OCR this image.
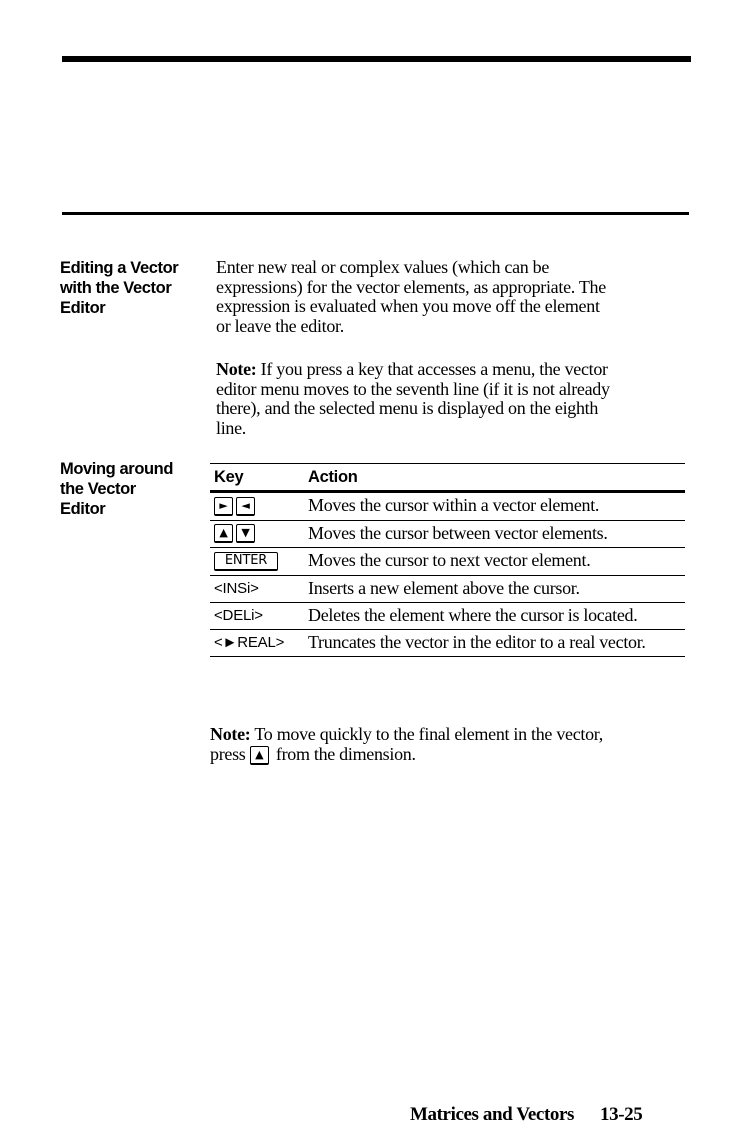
Editing a Vector
with the Vector
Editor
Enter new real or complex values (which can be
expressions) for the vector elements, as appropriate. The
expression is evaluated when you move off the element
or leave the editor.
Note: If you press a key that accesses a menu, the vector
editor menu moves to the seventh line (if it is not already
there), and the selected menu is displayed on the eighth
line.
Moving around
the Vector
Editor
Key	Action
► ◄	Moves the cursor within a vector element.
▲ ▼	Moves the cursor between vector elements.
ENTER	Moves the cursor to next vector element.
<INSi>	Inserts a new element above the cursor.
<DELi>	Deletes the element where the cursor is located.
<►REAL>	Truncates the vector in the editor to a real vector.
Note: To move quickly to the final element in the vector,
press ▲ from the dimension.
Matrices and Vectors 13-25
